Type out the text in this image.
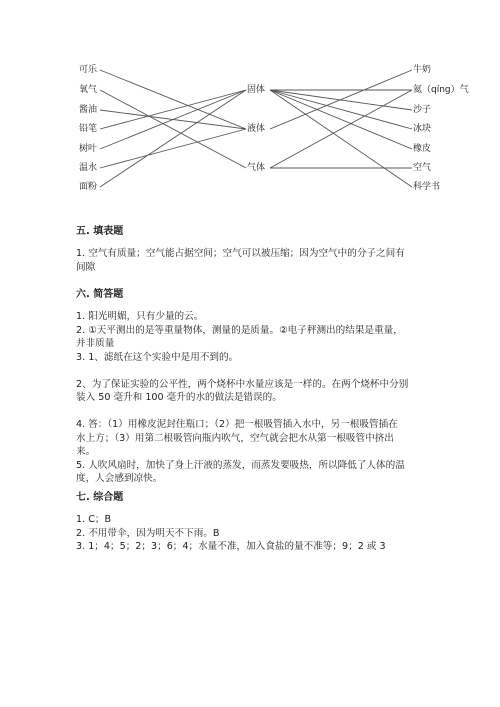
可乐
氧气
酱油
铅笔
树叶
温水
面粉
固体
液体
气体
牛奶
氦（qíng）气
沙子
冰块
橡皮
空气
科学书
五. 填表题

1. 空气有质量；空气能占据空间；空气可以被压缩；因为空气中的分子之间有

间隙

六. 简答题

1. 阳光明媚，只有少量的云。

2. ①天平测出的是等重量物体，测量的是质量。②电子秤测出的结果是重量，

并非质量

3. 1、滤纸在这个实验中是用不到的。

2、为了保证实验的公平性，两个烧杯中水量应该是一样的。在两个烧杯中分别

装入 50 毫升和 100 毫升的水的做法是错误的。

4. 答：（1）用橡皮泥封住瓶口；（2）把一根吸管插入水中，另一根吸管插在

水上方；（3）用第二根吸管向瓶内吹气，空气就会把水从第一根吸管中挤出

来。

5. 人吹风扇时，加快了身上汗液的蒸发，而蒸发要吸热，所以降低了人体的温

度，人会感到凉快。

七. 综合题

1. C；B

2. 不用带伞，因为明天不下雨。B

3. 1；4；5；2；3；6；4；水量不准，加入食盐的量不准等；9；2 或 3
